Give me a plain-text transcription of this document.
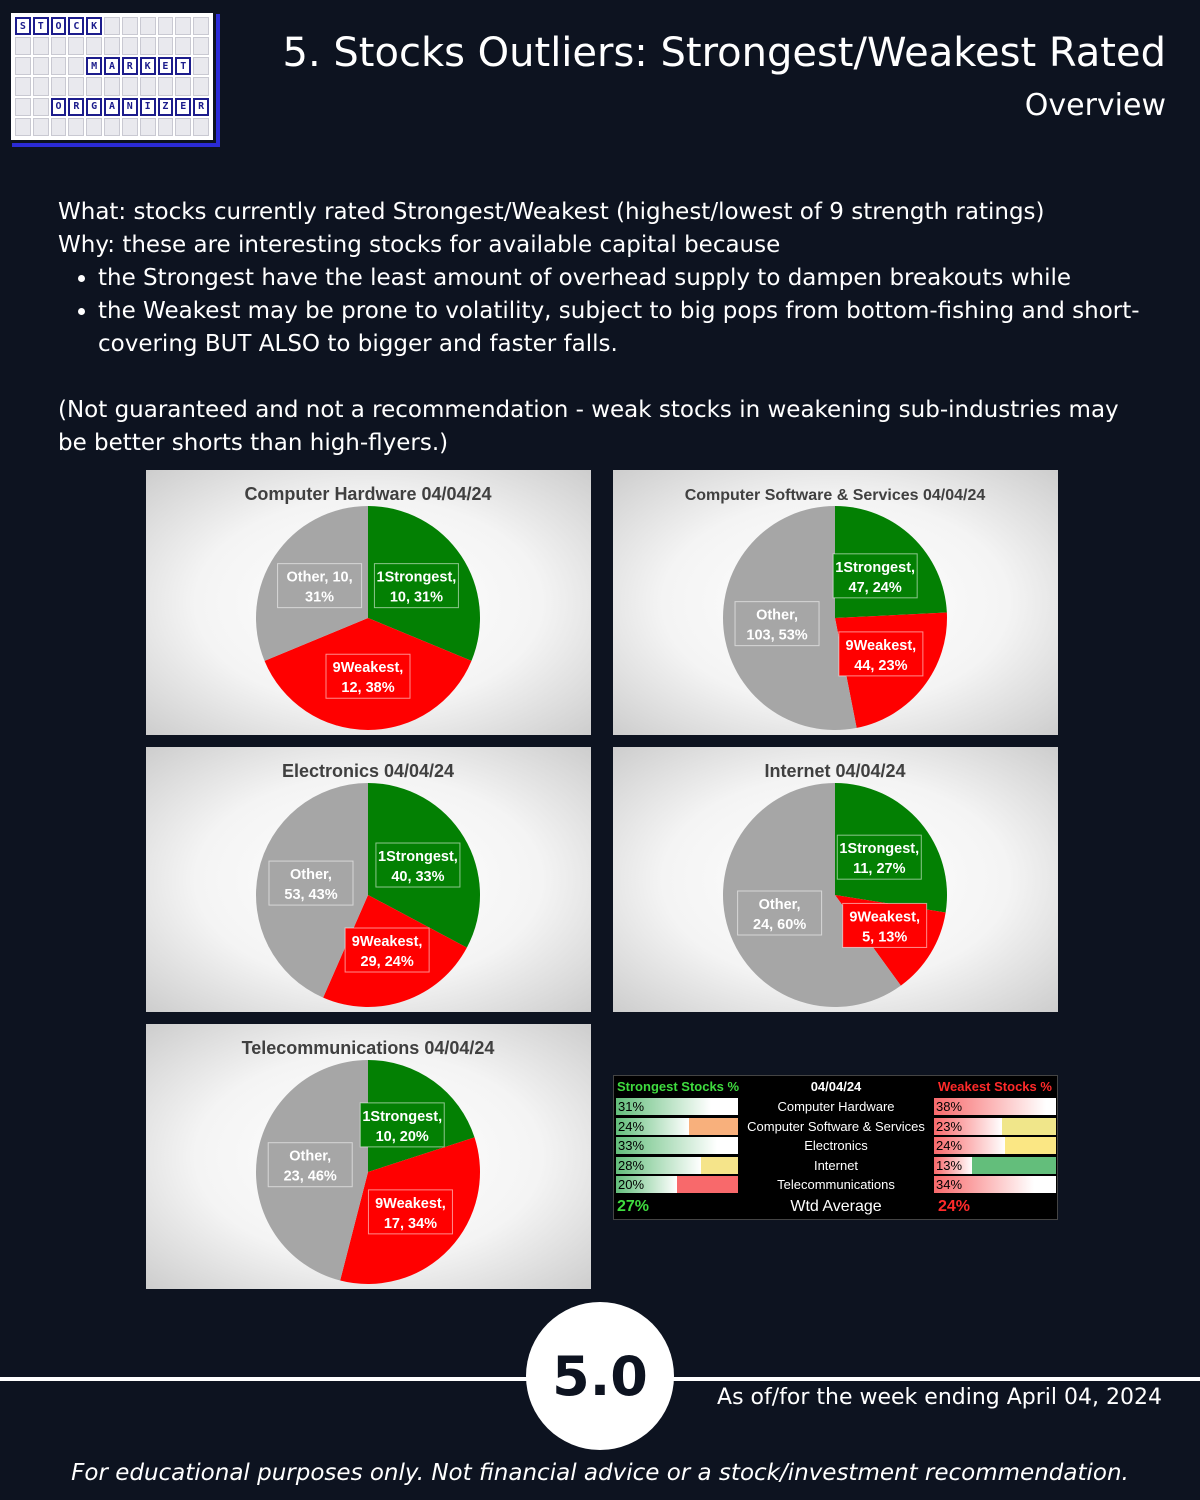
S	T	O	C	K
M	A	R	K	E	T
O	R	G	A	N	I	Z	E	R
5. Stocks Outliers: Strongest/Weakest Rated
Overview
What: stocks currently rated Strongest/Weakest (highest/lowest of 9 strength ratings)
Why: these are interesting stocks for available capital because
• the Strongest have the least amount of overhead supply to dampen breakouts while
• the Weakest may be prone to volatility, subject to big pops from bottom-fishing and short-covering BUT ALSO to bigger and faster falls.
(Not guaranteed and not a recommendation - weak stocks in weakening sub-industries may be better shorts than high-flyers.)
Computer Hardware 04/04/24
1Strongest,
10, 31%
9Weakest,
12, 38%
Other, 10,
31%
Computer Software & Services 04/04/24
1Strongest,
47, 24%
9Weakest,
44, 23%
Other,
103, 53%
Electronics 04/04/24
1Strongest,
40, 33%
9Weakest,
29, 24%
Other,
53, 43%
Internet 04/04/24
1Strongest,
11, 27%
9Weakest,
5, 13%
Other,
24, 60%
Telecommunications 04/04/24
1Strongest,
10, 20%
9Weakest,
17, 34%
Other,
23, 46%
Strongest Stocks %	04/04/24	Weakest Stocks %
31%	Computer Hardware	38%
24%	Computer Software & Services 23%
33%	Electronics	24%
28%	Internet	13%
20%	Telecommunications	34%
27%	Wtd Average	24%
5.0	As of/for the week ending April 04, 2024
For educational purposes only. Not financial advice or a stock/investment recommendation.
